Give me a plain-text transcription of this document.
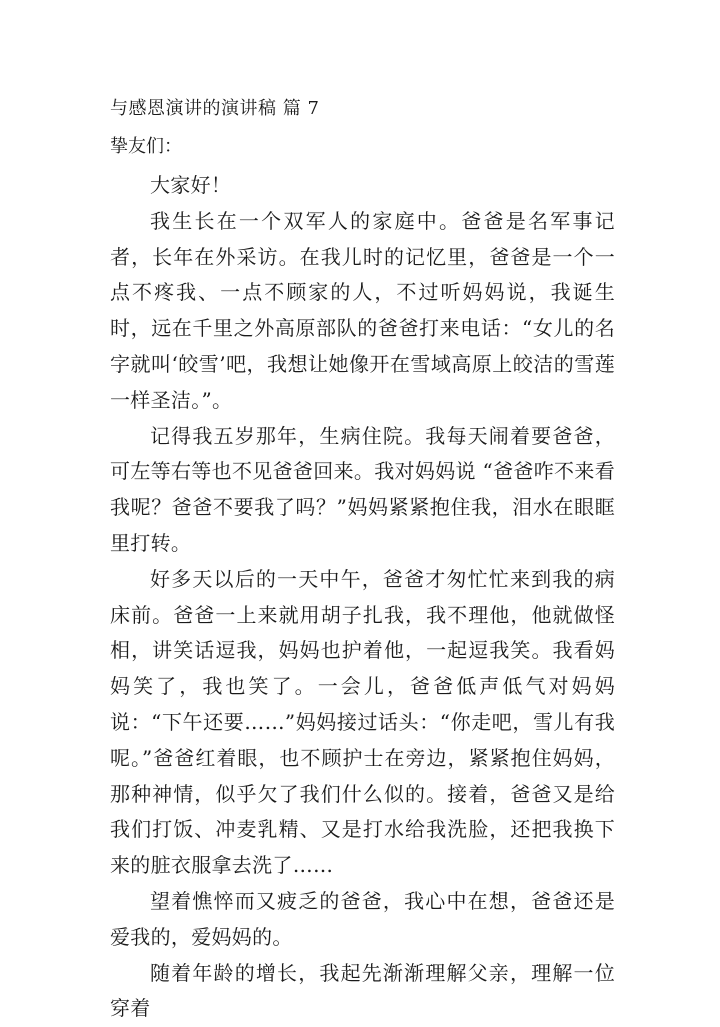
与感恩演讲的演讲稿 篇 7
挚友们：

大家好！

我生长在一个双军人的家庭中。爸爸是名军事记者，长年在外采访。在我儿时的记忆里，爸爸是一个一点不疼我、一点不顾家的人，不过听妈妈说，我诞生时，远在千里之外高原部队的爸爸打来电话：“女儿的名字就叫‘皎雪’吧，我想让她像开在雪域高原上皎洁的雪莲一样圣洁。”。

记得我五岁那年，生病住院。我每天闹着要爸爸，可左等右等也不见爸爸回来。我对妈妈说 “爸爸咋不来看我呢？爸爸不要我了吗？”妈妈紧紧抱住我，泪水在眼眶里打转。

好多天以后的一天中午，爸爸才匆忙忙来到我的病床前。爸爸一上来就用胡子扎我，我不理他，他就做怪相，讲笑话逗我，妈妈也护着他，一起逗我笑。我看妈妈笑了，我也笑了。一会儿，爸爸低声低气对妈妈说：“下午还要……”妈妈接过话头：“你走吧，雪儿有我呢。”爸爸红着眼，也不顾护士在旁边，紧紧抱住妈妈，那种神情，似乎欠了我们什么似的。接着，爸爸又是给我们打饭、冲麦乳精、又是打水给我洗脸，还把我换下来的脏衣服拿去洗了……

望着憔悴而又疲乏的爸爸，我心中在想，爸爸还是爱我的，爱妈妈的。

随着年龄的增长，我起先渐渐理解父亲，理解一位穿着
